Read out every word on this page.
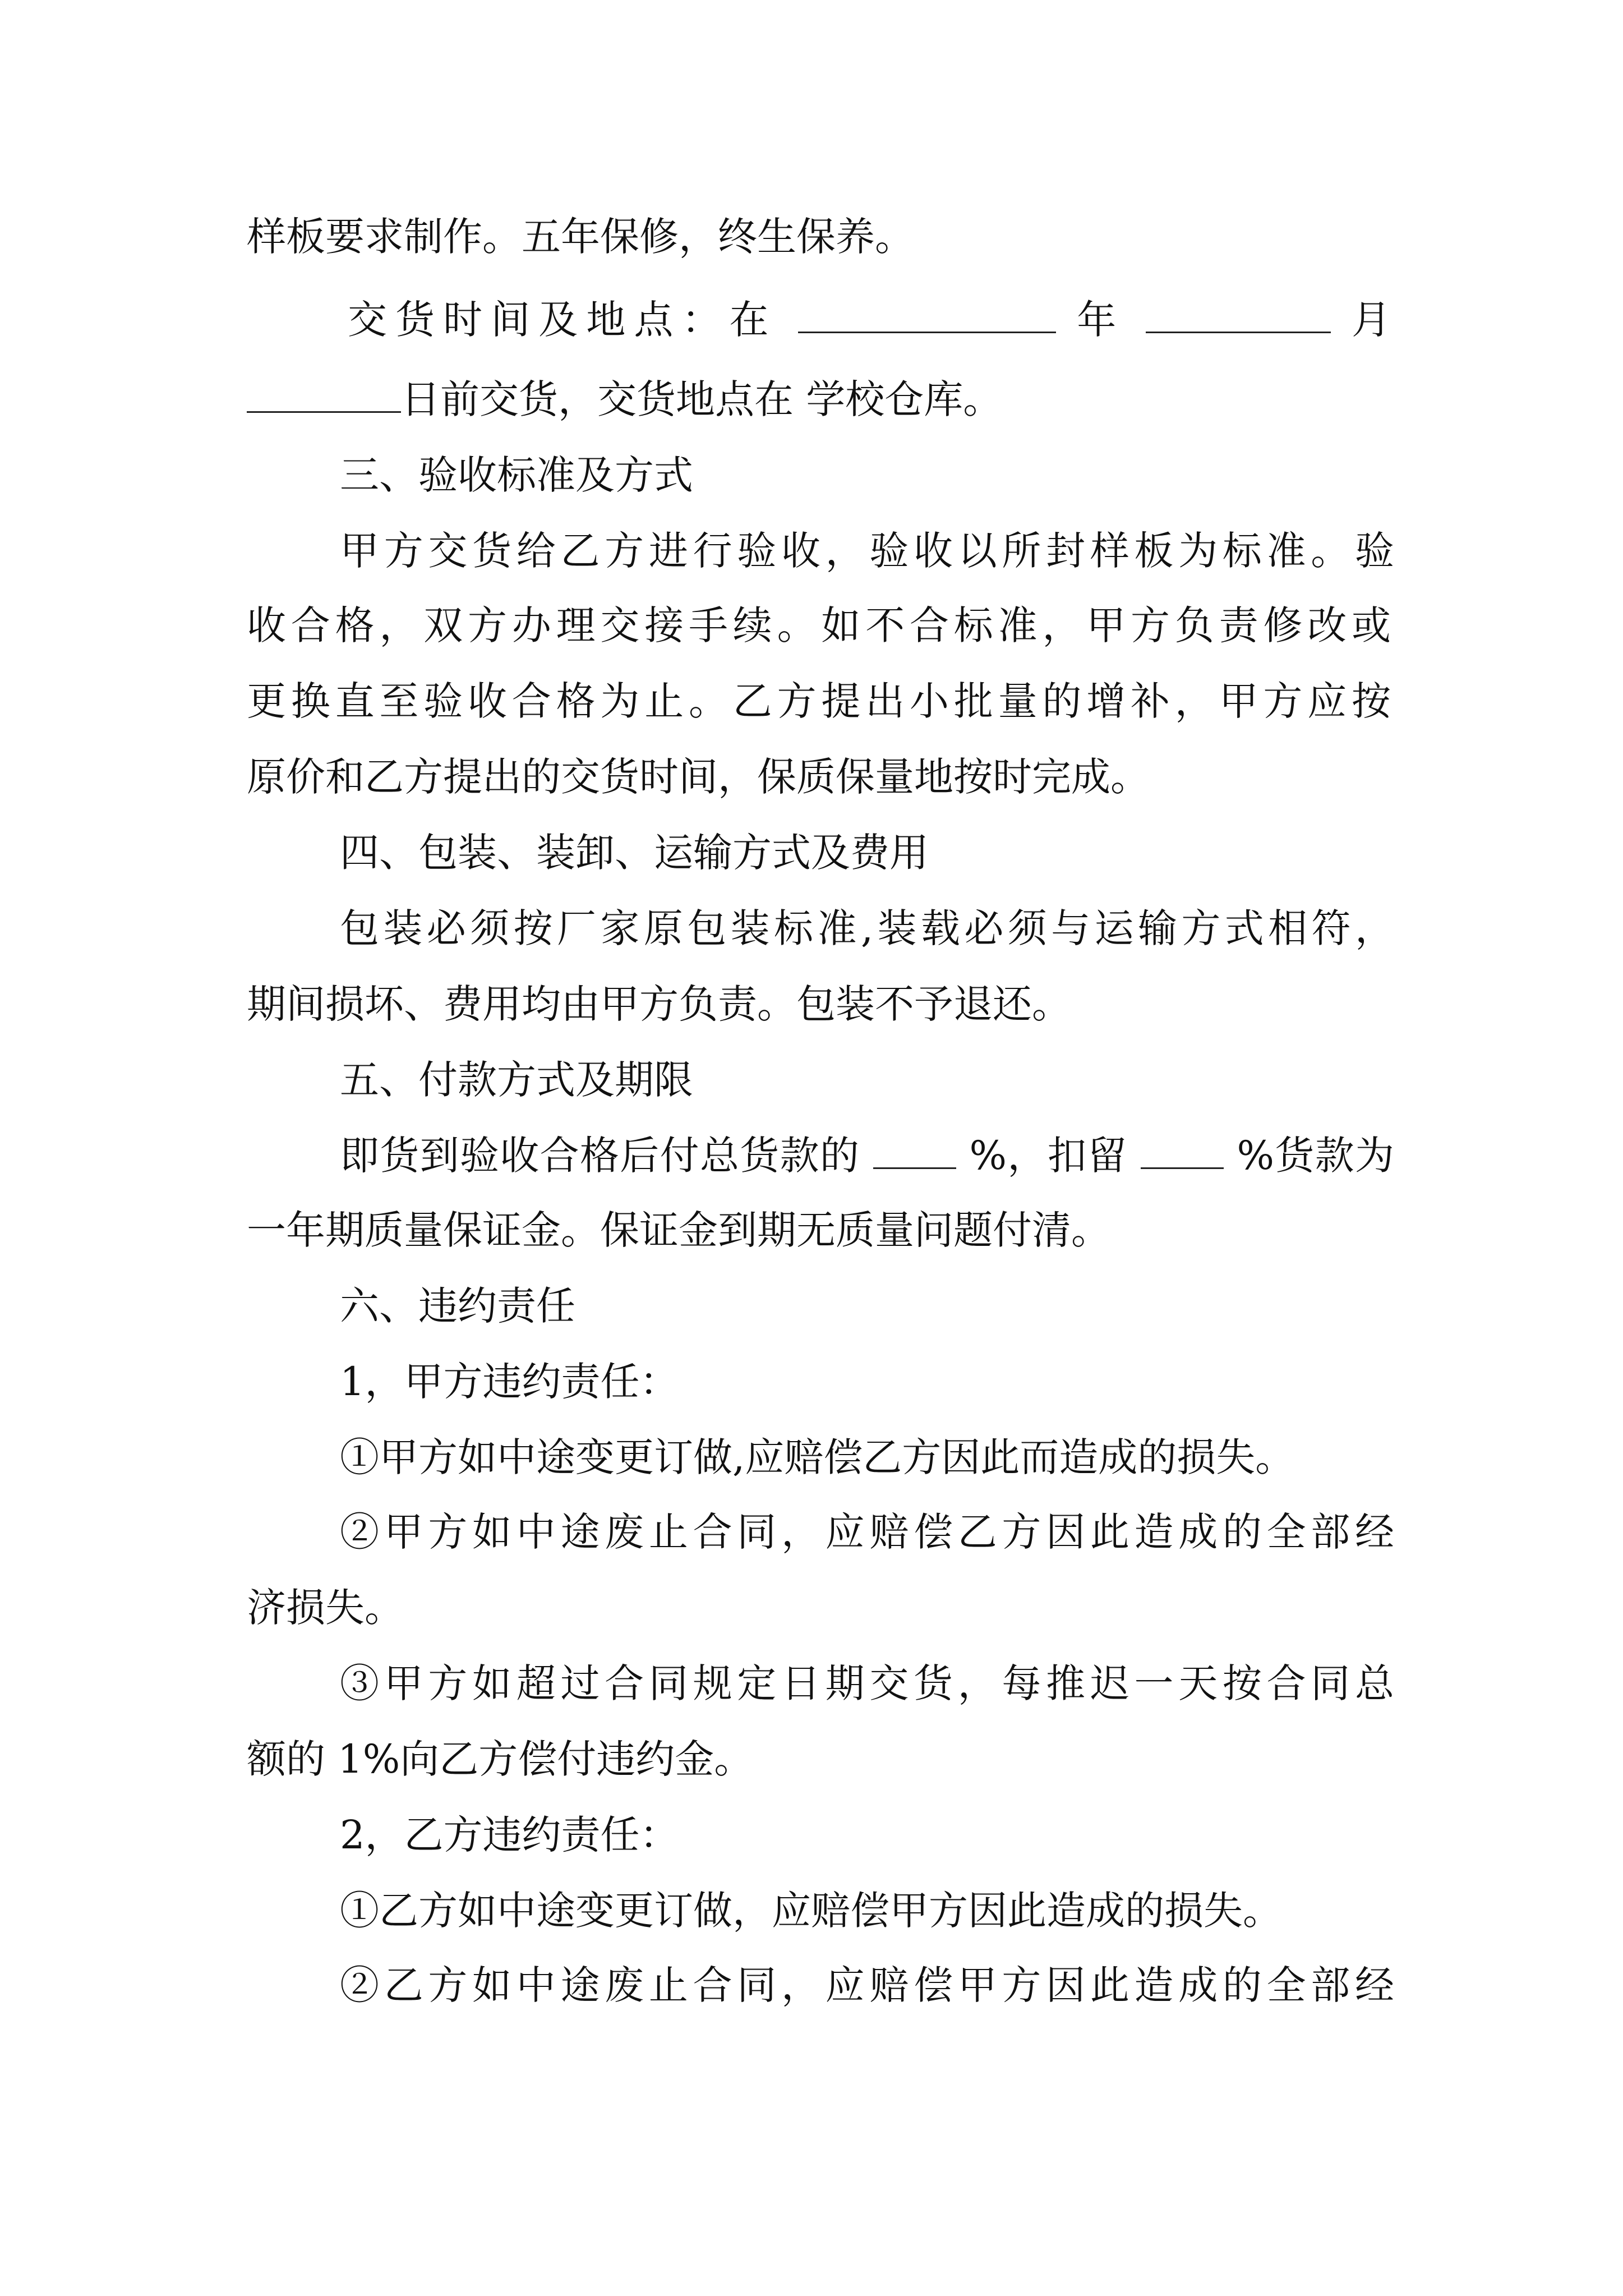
样板要求制作。五年保修，终生保养。
交货时间及地点：在	年	月
日前交货，交货地点在 学校仓库。
三、验收标准及方式
甲方交货给乙方进行验收，验收以所封样板为标准。验
收合格，双方办理交接手续。如不合标准，甲方负责修改或
更换直至验收合格为止。乙方提出小批量的增补，甲方应按
原价和乙方提出的交货时间，保质保量地按时完成。
四、包装、装卸、运输方式及费用
包装必须按厂家原包装标准,装载必须与运输方式相符，
期间损坏、费用均由甲方负责。包装不予退还。
五、付款方式及期限
即货到验收合格后付总货款的	%，扣留	%货款为
一年期质量保证金。保证金到期无质量问题付清。
六、违约责任
1，甲方违约责任：
①甲方如中途变更订做,应赔偿乙方因此而造成的损失。
②甲方如中途废止合同，应赔偿乙方因此造成的全部经
济损失。
③甲方如超过合同规定日期交货，每推迟一天按合同总
额的 1%向乙方偿付违约金。
2，乙方违约责任：
①乙方如中途变更订做，应赔偿甲方因此造成的损失。
②乙方如中途废止合同，应赔偿甲方因此造成的全部经
